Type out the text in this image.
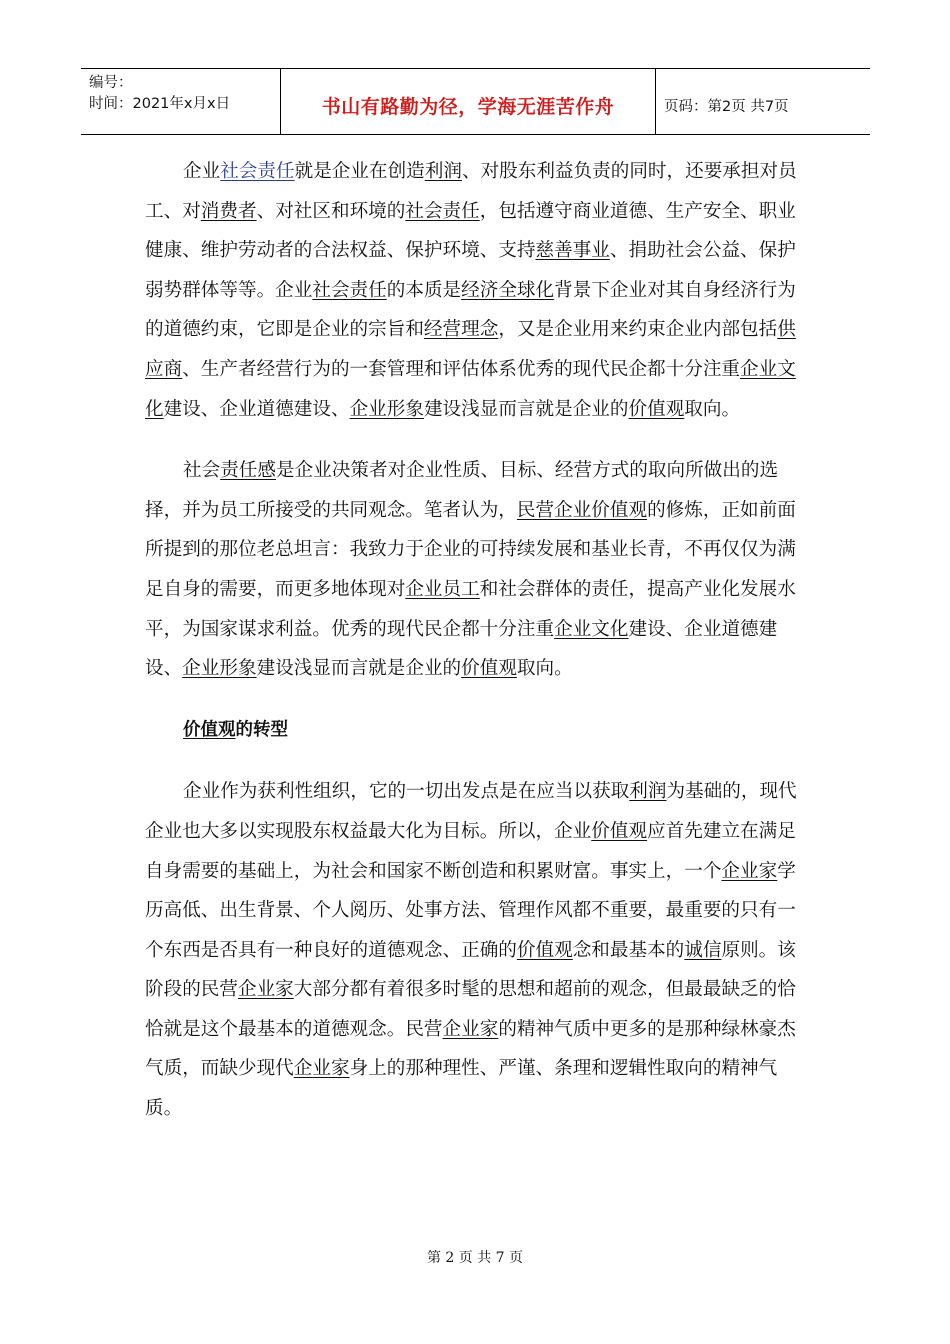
编号：
时间：2021年x月x日	书山有路勤为径，学海无涯苦作舟	页码：第2页 共7页

企业社会责任就是企业在创造利润、对股东利益负责的同时，还要承担对员工、对消费者、对社区和环境的社会责任，包括遵守商业道德、生产安全、职业健康、维护劳动者的合法权益、保护环境、支持慈善事业、捐助社会公益、保护弱势群体等等。企业社会责任的本质是经济全球化背景下企业对其自身经济行为的道德约束，它即是企业的宗旨和经营理念，又是企业用来约束企业内部包括供应商、生产者经营行为的一套管理和评估体系优秀的现代民企都十分注重企业文化建设、企业道德建设、企业形象建设浅显而言就是企业的价值观取向。

社会责任感是企业决策者对企业性质、目标、经营方式的取向所做出的选择，并为员工所接受的共同观念。笔者认为，民营企业价值观的修炼，正如前面所提到的那位老总坦言：我致力于企业的可持续发展和基业长青，不再仅仅为满足自身的需要，而更多地体现对企业员工和社会群体的责任，提高产业化发展水平，为国家谋求利益。优秀的现代民企都十分注重企业文化建设、企业道德建设、企业形象建设浅显而言就是企业的价值观取向。

价值观的转型

企业作为获利性组织，它的一切出发点是在应当以获取利润为基础的，现代企业也大多以实现股东权益最大化为目标。所以，企业价值观应首先建立在满足自身需要的基础上，为社会和国家不断创造和积累财富。事实上，一个企业家学历高低、出生背景、个人阅历、处事方法、管理作风都不重要，最重要的只有一个东西是否具有一种良好的道德观念、正确的价值观念和最基本的诚信原则。该阶段的民营企业家大部分都有着很多时髦的思想和超前的观念，但最最缺乏的恰恰就是这个最基本的道德观念。民营企业家的精神气质中更多的是那种绿林豪杰气质，而缺少现代企业家身上的那种理性、严谨、条理和逻辑性取向的精神气质。

第 2 页 共 7 页
